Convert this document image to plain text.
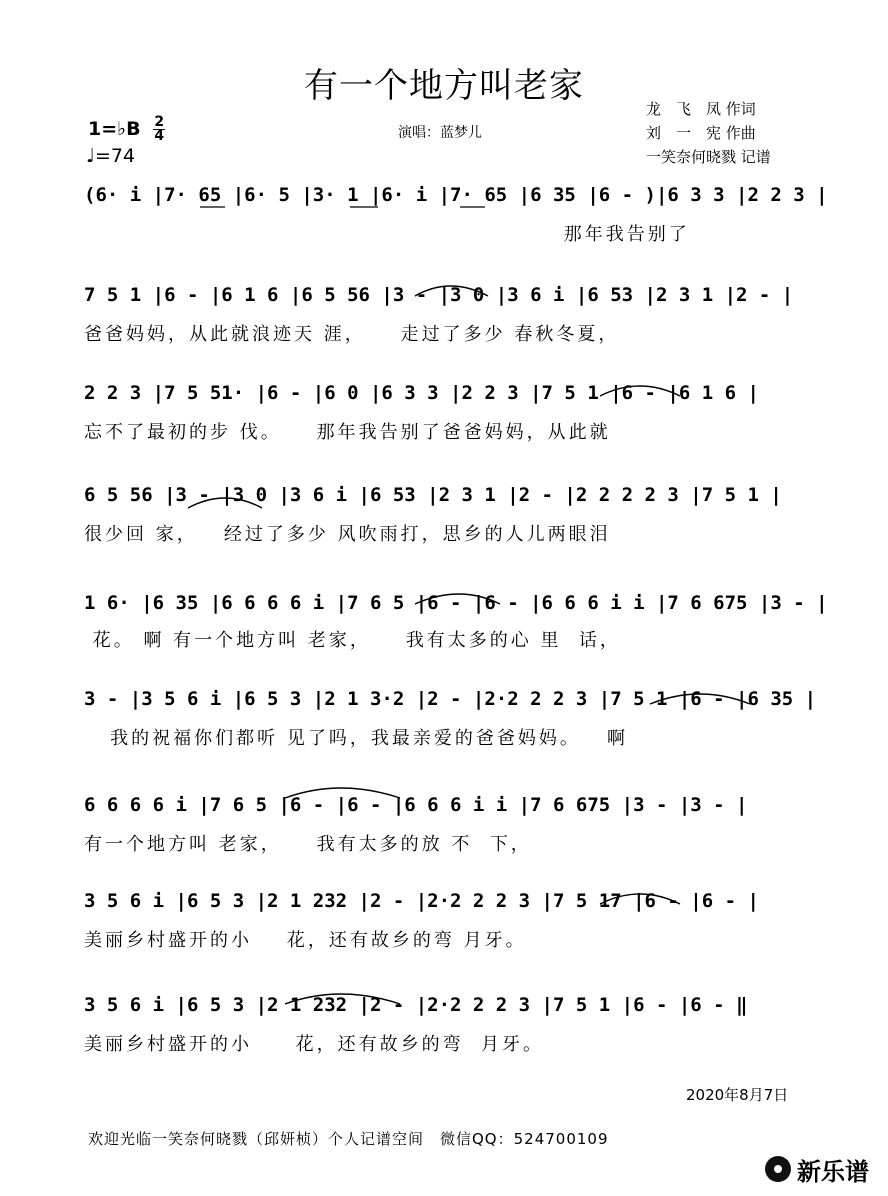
有一个地方叫老家
1=♭B $\frac{2}{4}$
♩=74
演唱：蓝梦儿
龙　飞　凤 作词
刘　一　宪 作曲
一笑奈何晓戮 记谱
(6· i |7· 65 |6· 5 |3· 1 |6· i |7· 65 |6 35 |6 - )|6 3 3 |2 2 3 |
那年我告别了
7 5 1 |6 - |6 1 6 |6 5 56 |3 - |3 0 |3 6 i |6 53 |2 3 1 |2 - |
爸爸妈妈，从此就浪迹天 涯，    走过了多少 春秋冬夏，
2 2 3 |7 5 51· |6 - |6 0 |6 3 3 |2 2 3 |7 5 1 |6 - |6 1 6 |
忘不了最初的步 伐。    那年我告别了爸爸妈妈，从此就
6 5 56 |3 - |3 0 |3 6 i |6 53 |2 3 1 |2 - |2 2 2 2 3 |7 5 1 |
很少回 家，   经过了多少 风吹雨打，思乡的人儿两眼泪
1 6· |6 35 |6 6 6 6 i |7 6 5 |6 - |6 - |6 6 6 i i |7 6 675 |3 - |
花。 啊 有一个地方叫 老家，    我有太多的心 里  话，
3 - |3 5 6 i |6 5 3 |2 1 3·2 |2 - |2·2 2 2 3 |7 5 1 |6 - |6 35 |
我的祝福你们都听 见了吗，我最亲爱的爸爸妈妈。   啊
6 6 6 6 i |7 6 5 |6 - |6 - |6 6 6 i i |7 6 675 |3 - |3 - |
有一个地方叫 老家，    我有太多的放 不  下，
3 5 6 i |6 5 3 |2 1 232 |2 - |2·2 2 2 3 |7 5 17 |6 - |6 - |
美丽乡村盛开的小    花，还有故乡的弯 月牙。
3 5 6 i |6 5 3 |2 1 232 |2 - |2·2 2 2 3 |7 5 1 |6 - |6 - ‖
美丽乡村盛开的小     花，还有故乡的弯  月牙。
2020年8月7日
欢迎光临一笑奈何晓戮（邱妍桢）个人记谱空间　微信QQ：524700109
新乐谱
